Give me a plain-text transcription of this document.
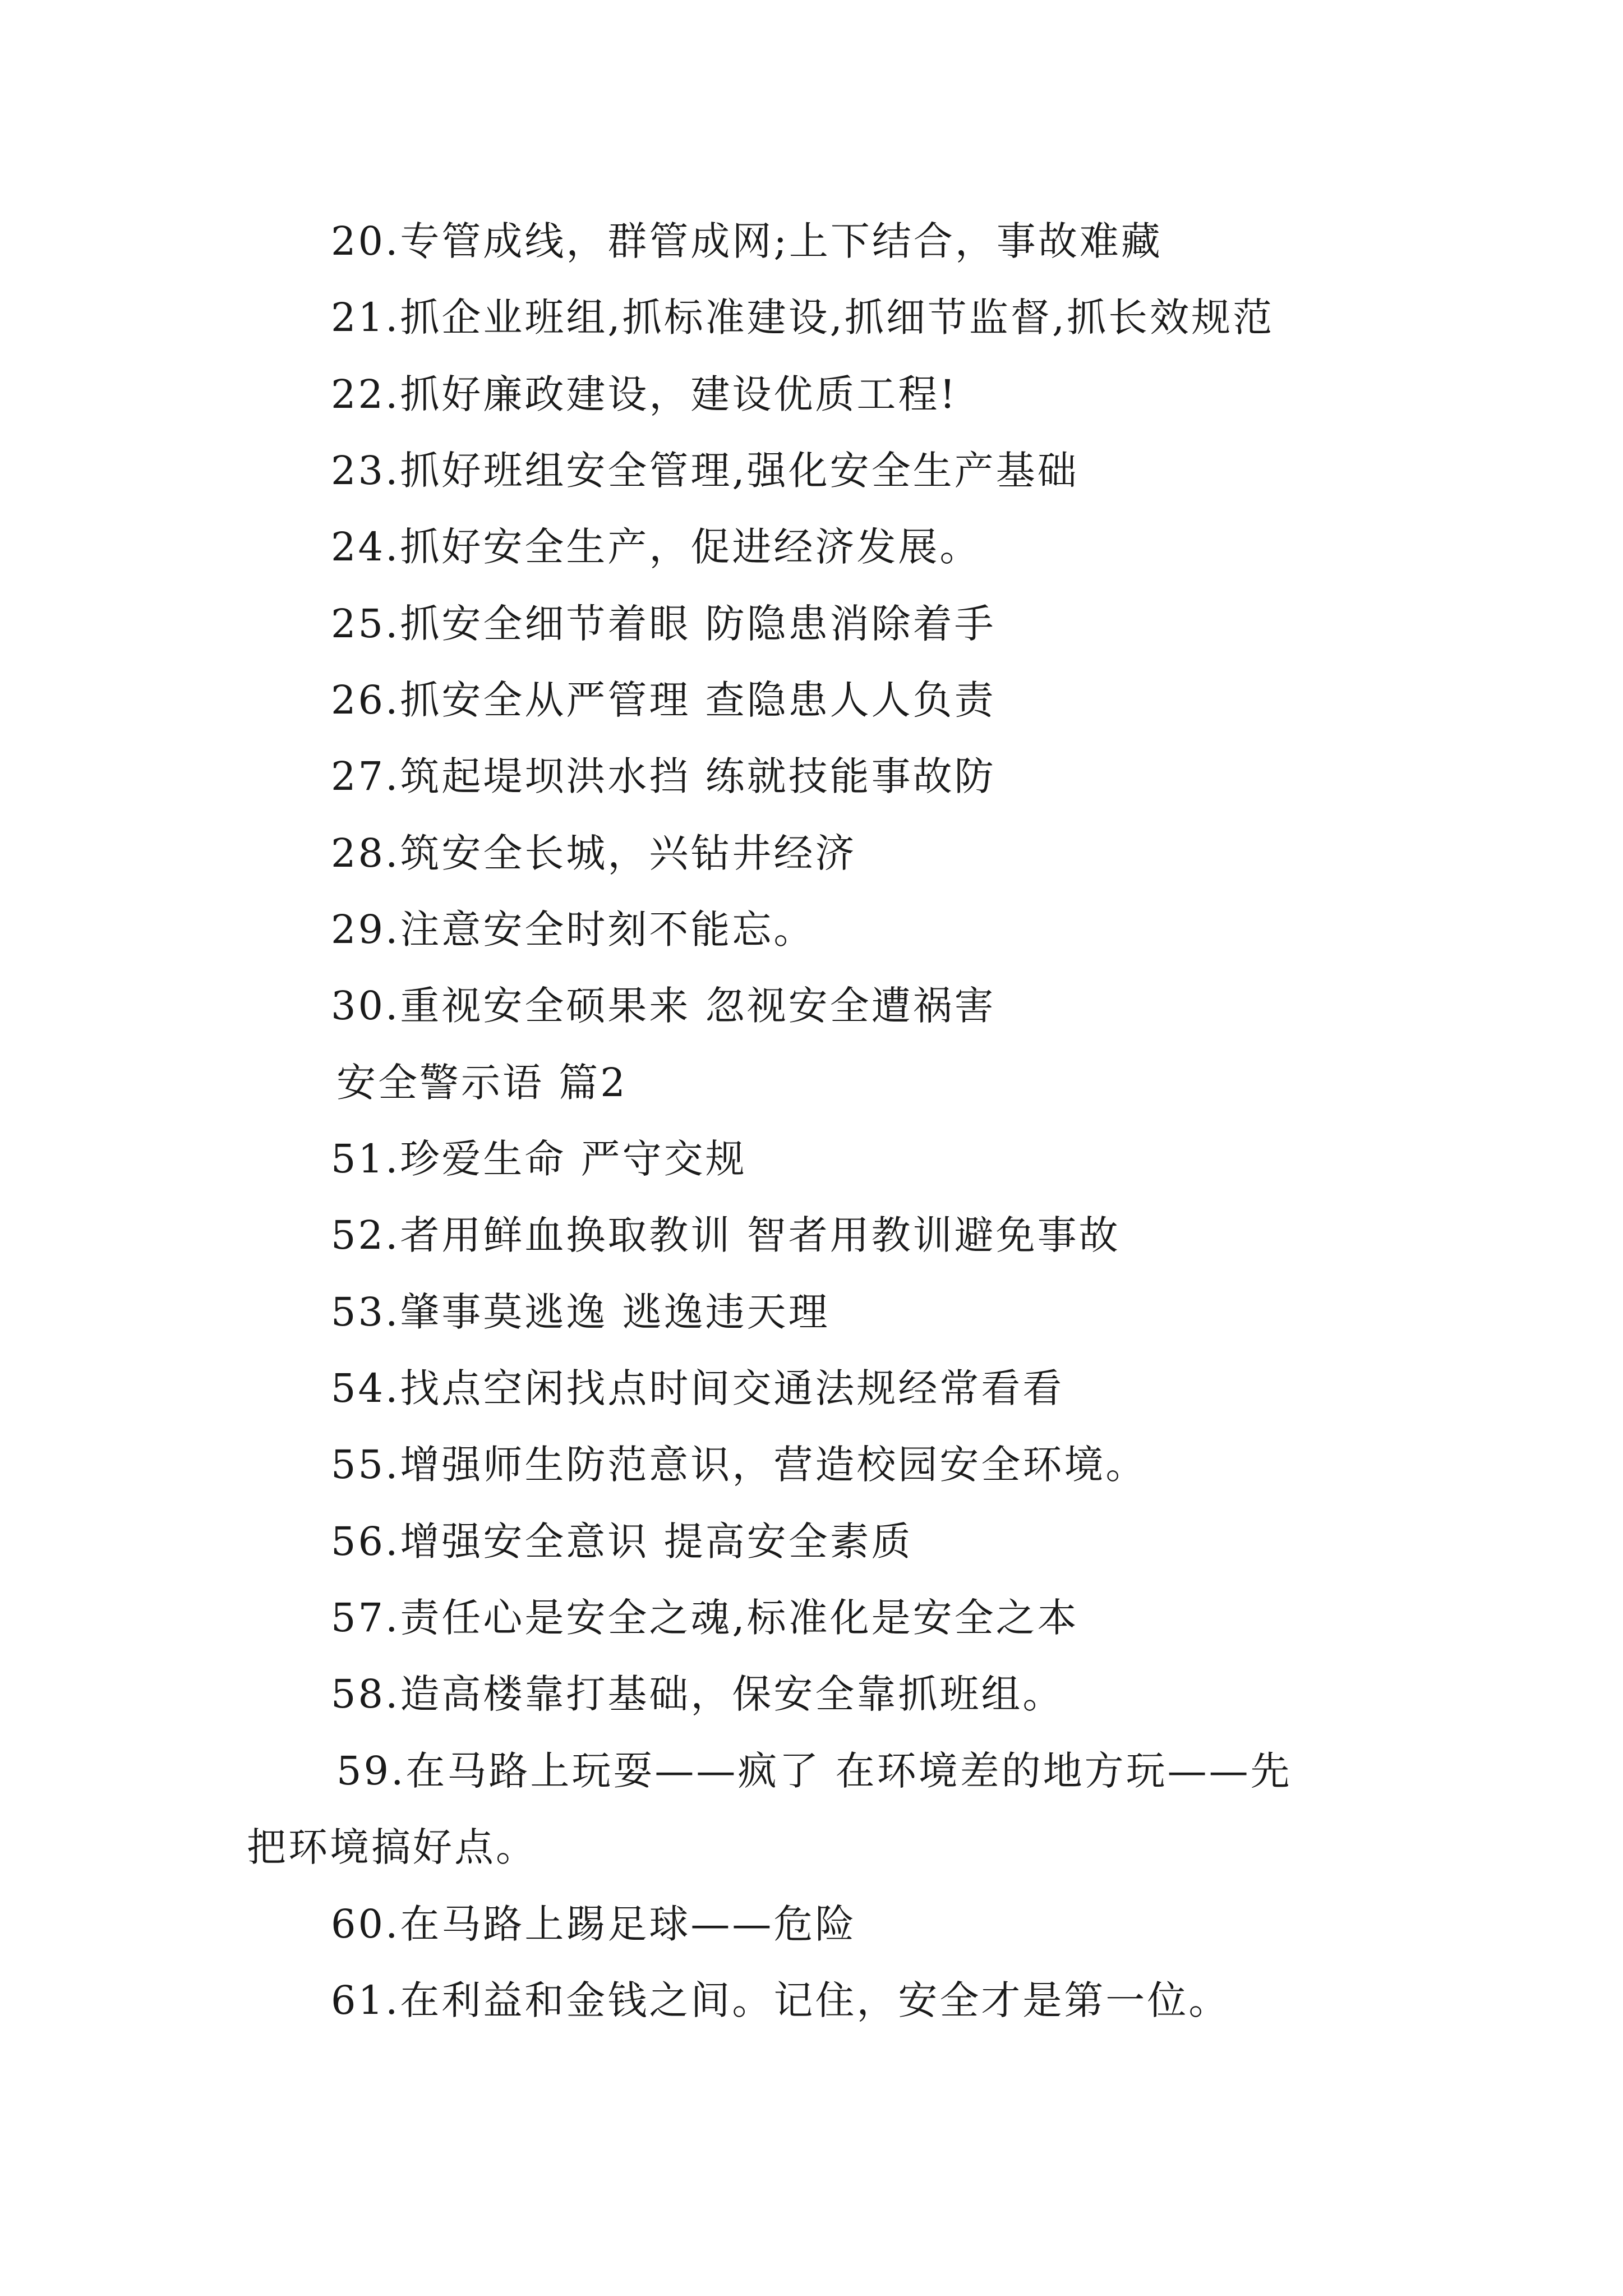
20.专管成线，群管成网;上下结合，事故难藏
21.抓企业班组,抓标准建设,抓细节监督,抓长效规范
22.抓好廉政建设，建设优质工程!
23.抓好班组安全管理,强化安全生产基础
24.抓好安全生产，促进经济发展。
25.抓安全细节着眼 防隐患消除着手
26.抓安全从严管理 查隐患人人负责
27.筑起堤坝洪水挡 练就技能事故防
28.筑安全长城，兴钻井经济
29.注意安全时刻不能忘。
30.重视安全硕果来 忽视安全遭祸害
安全警示语 篇2
51.珍爱生命 严守交规
52.者用鲜血换取教训 智者用教训避免事故
53.肇事莫逃逸 逃逸违天理
54.找点空闲找点时间交通法规经常看看
55.增强师生防范意识，营造校园安全环境。
56.增强安全意识 提高安全素质
57.责任心是安全之魂,标准化是安全之本
58.造高楼靠打基础，保安全靠抓班组。
59.在马路上玩耍——疯了 在环境差的地方玩——先
把环境搞好点。
60.在马路上踢足球——危险
61.在利益和金钱之间。记住，安全才是第一位。
